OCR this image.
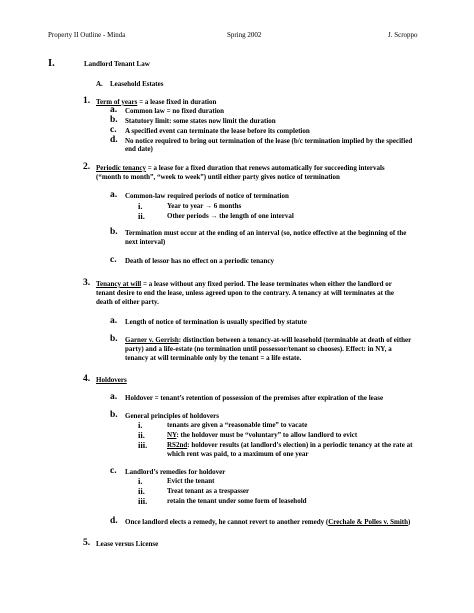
Property II Outline - Minda	Spring 2002	J. Scroppo
I.	Landlord Tenant Law
A. Leasehold Estates
1. Term of years = a lease fixed in duration
a. Common law = no fixed duration
b. Statutory limit: some states now limit the duration
c. A specified event can terminate the lease before its completion
d. No notice required to bring out termination of the lease (b/c termination implied by the specified
end date)
2. Periodic tenancy = a lease for a fixed duration that renews automatically for succeeding intervals
(“month to month”, “week to week”) until either party gives notice of termination
a. Common-law required periods of notice of termination
i.	Year to year → 6 months
ii.	Other periods → the length of one interval
b. Termination must occur at the ending of an interval (so, notice effective at the beginning of the
next interval)
c. Death of lessor has no effect on a periodic tenancy
3. Tenancy at will = a lease without any fixed period. The lease terminates when either the landlord or
tenant desire to end the lease, unless agreed upon to the contrary. A tenancy at will terminates at the
death of either party.
a. Length of notice of termination is usually specified by statute
b. Garner v. Gerrish: distinction between a tenancy-at-will leasehold (terminable at death of either
party) and a life-estate (no termination until possessor/tenant so chooses). Effect: in NY, a
tenancy at will terminable only by the tenant = a life estate.
4. Holdovers
a. Holdover = tenant’s retention of possession of the premises after expiration of the lease
b. General principles of holdovers
i.	tenants are given a “reasonable time” to vacate
ii.	NY: the holdover must be “voluntary” to allow landlord to evict
iii.	RS2nd: holdover results (at landlord’s election) in a periodic tenancy at the rate at
which rent was paid, to a maximum of one year
c. Landlord’s remedies for holdover
i.	Evict the tenant
ii.	Treat tenant as a trespasser
iii.	retain the tenant under some form of leasehold
d. Once landlord elects a remedy, he cannot revert to another remedy (Crechale & Polles v. Smith)
5. Lease versus License
